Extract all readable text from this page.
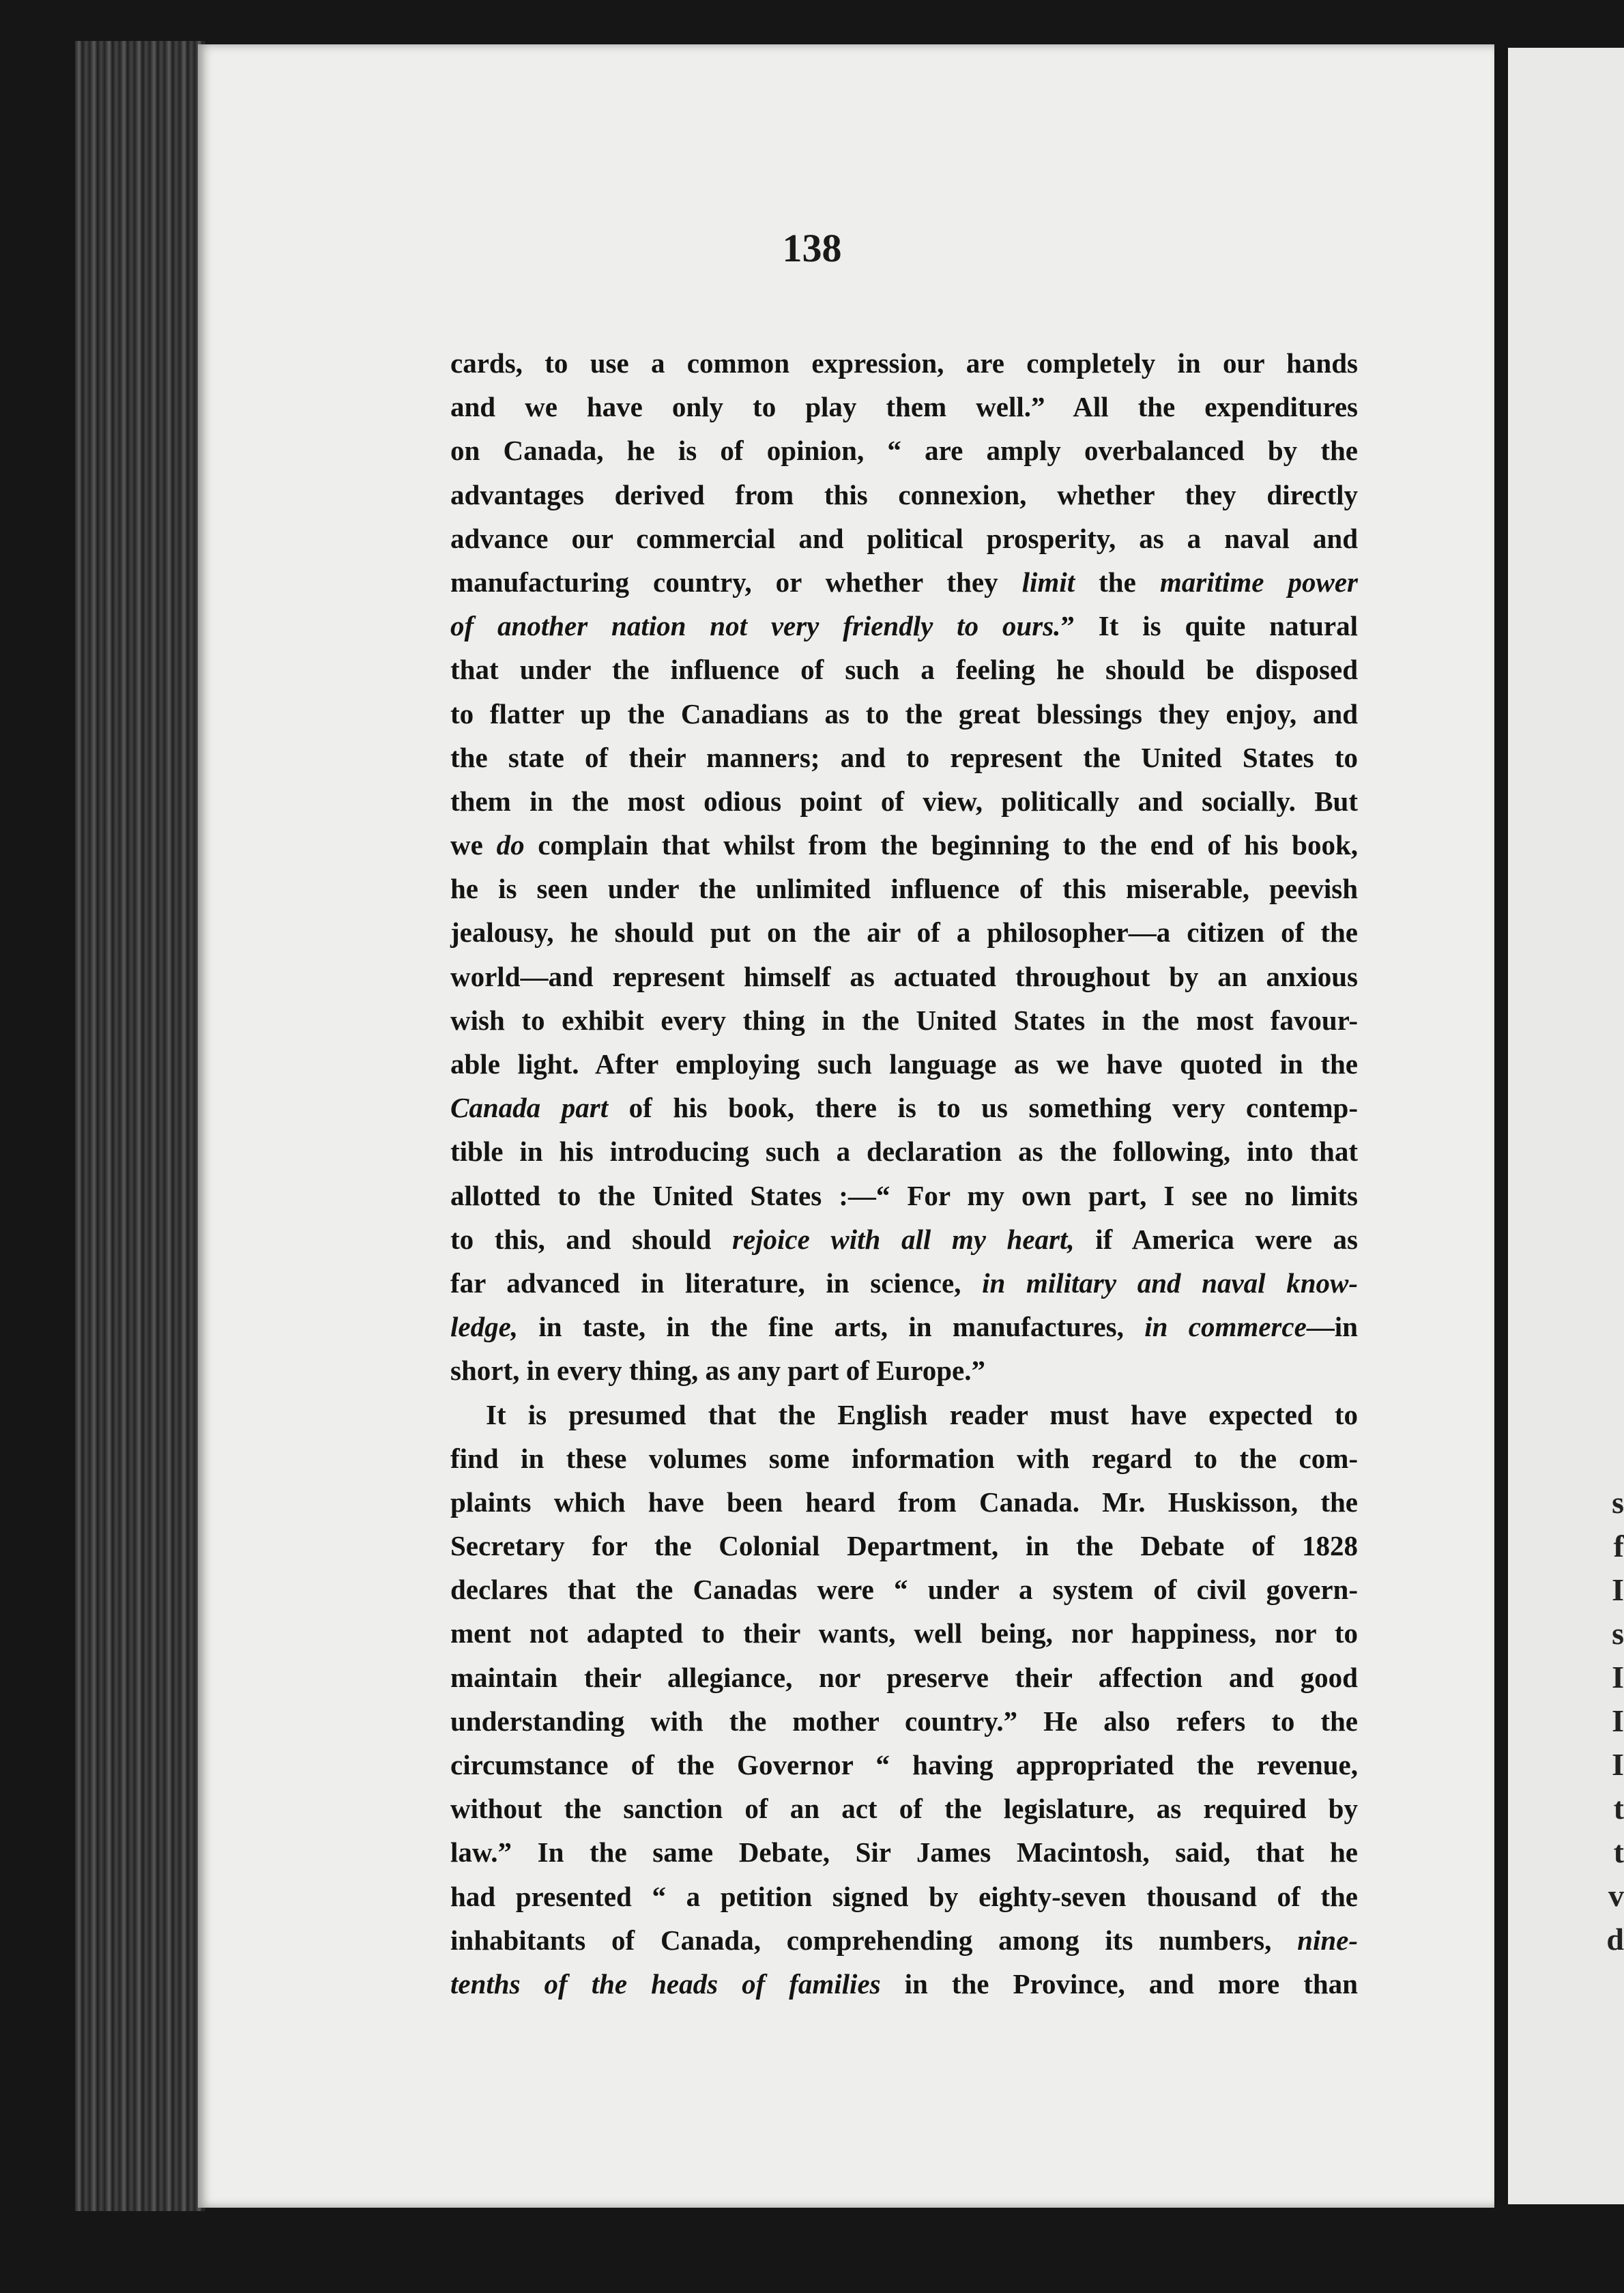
s
f
I
s
I
I
I
t
t
v
d
138
cards, to use a common expression, are completely in our hands
and we have only to play them well.” All the expenditures
on Canada, he is of opinion, “ are amply overbalanced by the
advantages derived from this connexion, whether they directly
advance our commercial and political prosperity, as a naval and
manufacturing country, or whether they limit the maritime power
of another nation not very friendly to ours.” It is quite natural
that under the influence of such a feeling he should be disposed
to flatter up the Canadians as to the great blessings they enjoy, and
the state of their manners; and to represent the United States to
them in the most odious point of view, politically and socially. But
we do complain that whilst from the beginning to the end of his book,
he is seen under the unlimited influence of this miserable, peevish
jealousy, he should put on the air of a philosopher—a citizen of the
world—and represent himself as actuated throughout by an anxious
wish to exhibit every thing in the United States in the most favour-
able light. After employing such language as we have quoted in the
Canada part of his book, there is to us something very contemp-
tible in his introducing such a declaration as the following, into that
allotted to the United States :—“ For my own part, I see no limits
to this, and should rejoice with all my heart, if America were as
far advanced in literature, in science, in military and naval know-
ledge, in taste, in the fine arts, in manufactures, in commerce—in
short, in every thing, as any part of Europe.”
It is presumed that the English reader must have expected to
find in these volumes some information with regard to the com-
plaints which have been heard from Canada. Mr. Huskisson, the
Secretary for the Colonial Department, in the Debate of 1828
declares that the Canadas were “ under a system of civil govern-
ment not adapted to their wants, well being, nor happiness, nor to
maintain their allegiance, nor preserve their affection and good
understanding with the mother country.” He also refers to the
circumstance of the Governor “ having appropriated the revenue,
without the sanction of an act of the legislature, as required by
law.” In the same Debate, Sir James Macintosh, said, that he
had presented “ a petition signed by eighty-seven thousand of the
inhabitants of Canada, comprehending among its numbers, nine-
tenths of the heads of families in the Province, and more than
